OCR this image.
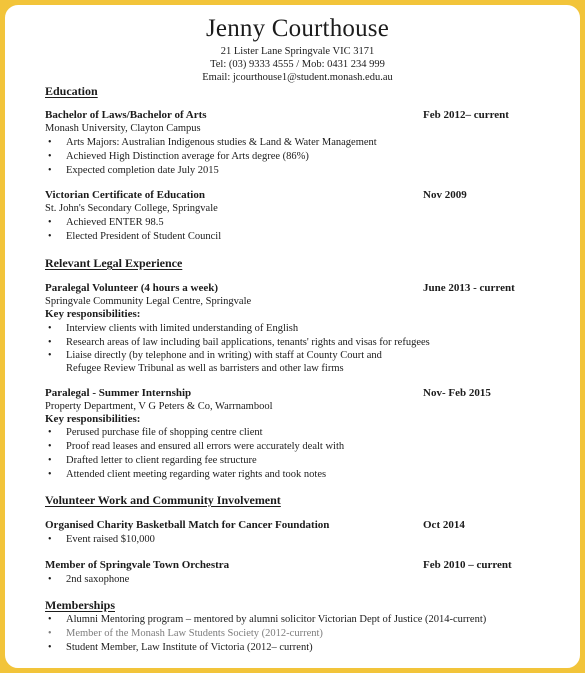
Jenny Courthouse
21 Lister Lane Springvale VIC 3171
Tel: (03) 9333 4555 / Mob: 0431 234 999
Email: jcourthouse1@student.monash.edu.au
Education
Bachelor of Laws/Bachelor of Arts	Feb 2012– current
Monash University, Clayton Campus
• Arts Majors: Australian Indigenous studies & Land & Water Management
• Achieved High Distinction average for Arts degree (86%)
• Expected completion date July 2015
Victorian Certificate of Education	Nov 2009
St. John's Secondary College, Springvale
• Achieved ENTER 98.5
• Elected President of Student Council
Relevant Legal Experience
Paralegal Volunteer (4 hours a week)	June 2013 - current
Springvale Community Legal Centre, Springvale
Key responsibilities:
• Interview clients with limited understanding of English
• Research areas of law including bail applications, tenants' rights and visas for refugees
• Liaise directly (by telephone and in writing) with staff at County Court and
Refugee Review Tribunal as well as barristers and other law firms
Paralegal - Summer Internship	Nov- Feb 2015
Property Department, V G Peters & Co, Warrnambool
Key responsibilities:
• Perused purchase file of shopping centre client
• Proof read leases and ensured all errors were accurately dealt with
• Drafted letter to client regarding fee structure
• Attended client meeting regarding water rights and took notes
Volunteer Work and Community Involvement
Organised Charity Basketball Match for Cancer Foundation	Oct 2014
• Event raised $10,000
Member of Springvale Town Orchestra	Feb 2010 – current
• 2nd saxophone
Memberships
• Alumni Mentoring program – mentored by alumni solicitor Victorian Dept of Justice (2014-current)
• Member of the Monash Law Students Society (2012-current)
• Student Member, Law Institute of Victoria (2012– current)
